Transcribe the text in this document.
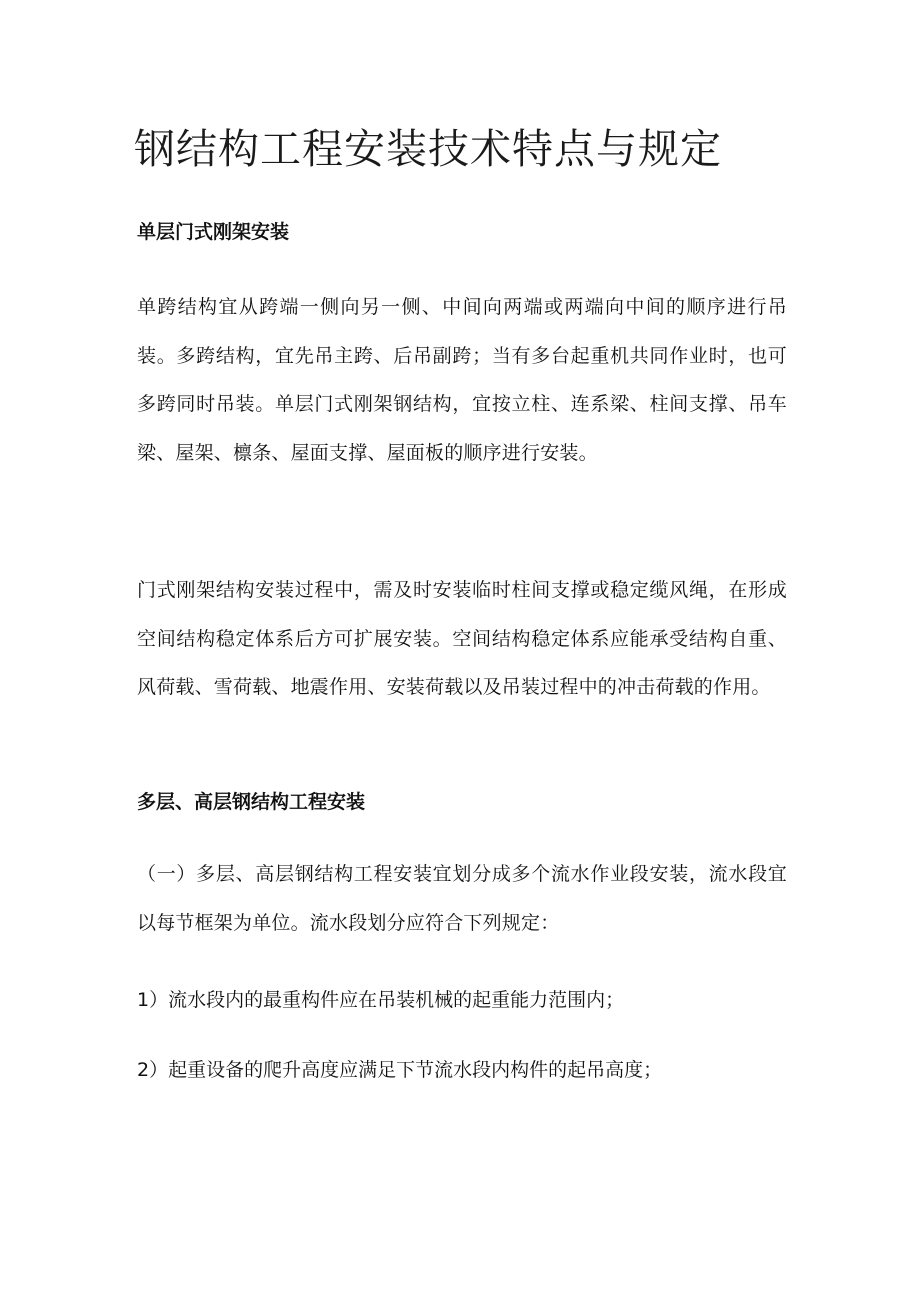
钢结构工程安装技术特点与规定
单层门式刚架安装

单跨结构宜从跨端一侧向另一侧、中间向两端或两端向中间的顺序进行吊装。多跨结构，宜先吊主跨、后吊副跨；当有多台起重机共同作业时，也可多跨同时吊装。单层门式刚架钢结构，宜按立柱、连系梁、柱间支撑、吊车梁、屋架、檩条、屋面支撑、屋面板的顺序进行安装。

门式刚架结构安装过程中，需及时安装临时柱间支撑或稳定缆风绳，在形成空间结构稳定体系后方可扩展安装。空间结构稳定体系应能承受结构自重、风荷载、雪荷载、地震作用、安装荷载以及吊装过程中的冲击荷载的作用。

多层、高层钢结构工程安装

（一）多层、高层钢结构工程安装宜划分成多个流水作业段安装，流水段宜以每节框架为单位。流水段划分应符合下列规定：

1）流水段内的最重构件应在吊装机械的起重能力范围内；

2）起重设备的爬升高度应满足下节流水段内构件的起吊高度；
